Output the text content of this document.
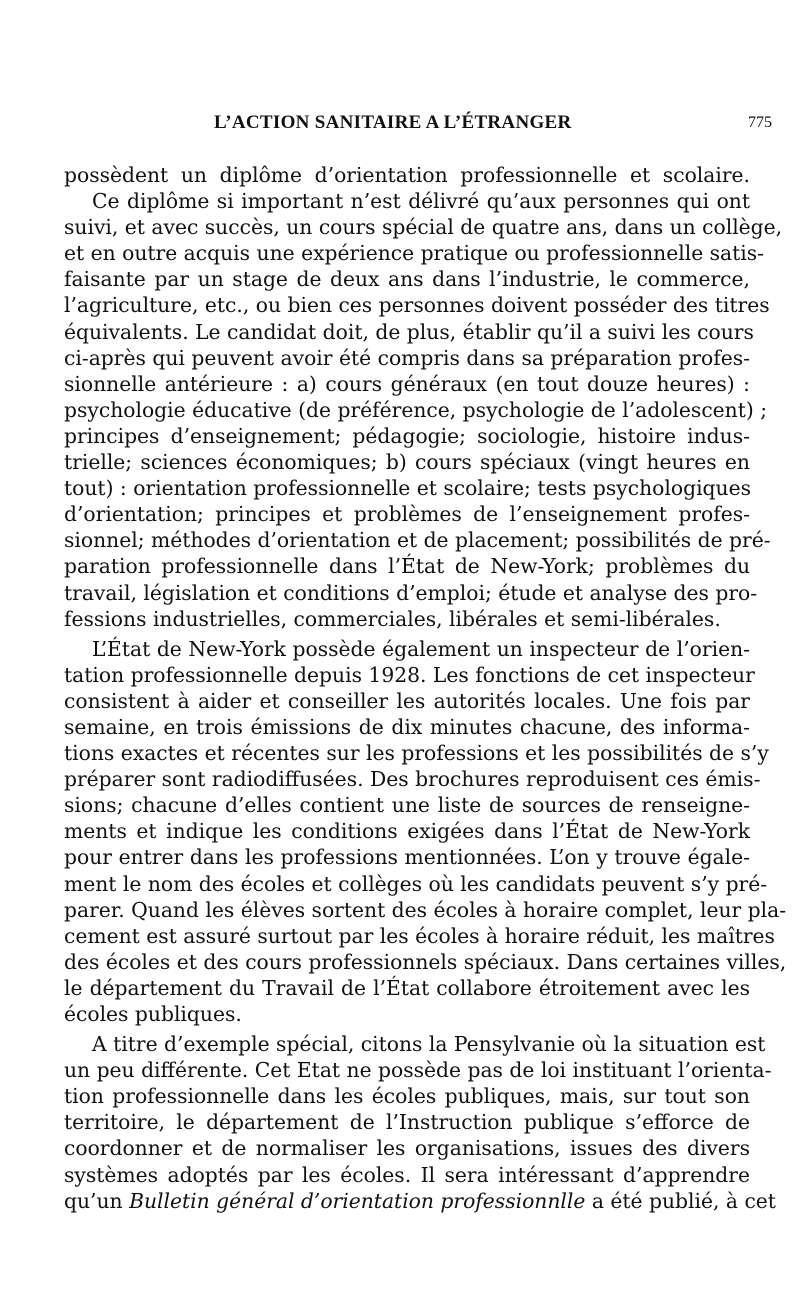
L’ACTION SANITAIRE A L’ÉTRANGER	775
possèdent un diplôme d’orientation professionnelle et scolaire.
Ce diplôme si important n’est délivré qu’aux personnes qui ont
suivi, et avec succès, un cours spécial de quatre ans, dans un collège,
et en outre acquis une expérience pratique ou professionnelle satis-
faisante par un stage de deux ans dans l’industrie, le commerce,
l’agriculture, etc., ou bien ces personnes doivent posséder des titres
équivalents. Le candidat doit, de plus, établir qu’il a suivi les cours
ci-après qui peuvent avoir été compris dans sa préparation profes-
sionnelle antérieure : a) cours généraux (en tout douze heures) :
psychologie éducative (de préférence, psychologie de l’adolescent) ;
principes d’enseignement; pédagogie; sociologie, histoire indus-
trielle; sciences économiques; b) cours spéciaux (vingt heures en
tout) : orientation professionnelle et scolaire; tests psychologiques
d’orientation; principes et problèmes de l’enseignement profes-
sionnel; méthodes d’orientation et de placement; possibilités de pré-
paration professionnelle dans l’État de New-York; problèmes du
travail, législation et conditions d’emploi; étude et analyse des pro-
fessions industrielles, commerciales, libérales et semi-libérales.
L’État de New-York possède également un inspecteur de l’orien-
tation professionnelle depuis 1928. Les fonctions de cet inspecteur
consistent à aider et conseiller les autorités locales. Une fois par
semaine, en trois émissions de dix minutes chacune, des informa-
tions exactes et récentes sur les professions et les possibilités de s’y
préparer sont radiodiffusées. Des brochures reproduisent ces émis-
sions; chacune d’elles contient une liste de sources de renseigne-
ments et indique les conditions exigées dans l’État de New-York
pour entrer dans les professions mentionnées. L’on y trouve égale-
ment le nom des écoles et collèges où les candidats peuvent s’y pré-
parer. Quand les élèves sortent des écoles à horaire complet, leur pla-
cement est assuré surtout par les écoles à horaire réduit, les maîtres
des écoles et des cours professionnels spéciaux. Dans certaines villes,
le département du Travail de l’État collabore étroitement avec les
écoles publiques.
A titre d’exemple spécial, citons la Pensylvanie où la situation est
un peu différente. Cet Etat ne possède pas de loi instituant l’orienta-
tion professionnelle dans les écoles publiques, mais, sur tout son
territoire, le département de l’Instruction publique s’efforce de
coordonner et de normaliser les organisations, issues des divers
systèmes adoptés par les écoles. Il sera intéressant d’apprendre
qu’un Bulletin général d’orientation professionnlle a été publié, à cet
